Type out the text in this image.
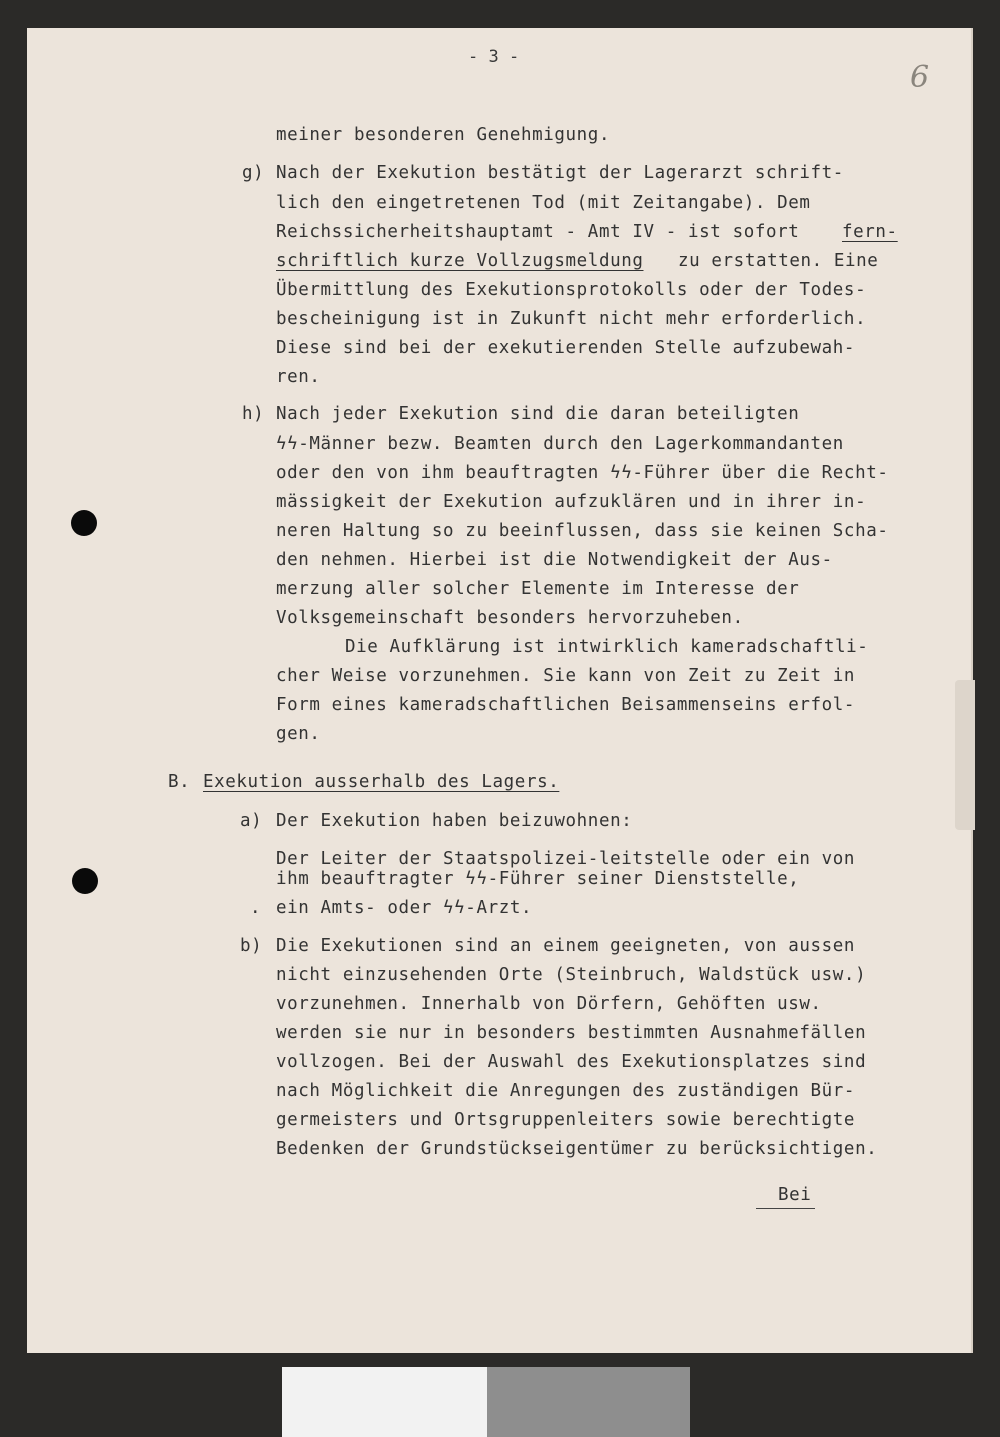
- 3 -
6
meiner besonderen Genehmigung.
g) Nach der Exekution bestätigt der Lagerarzt schrift-
lich den eingetretenen Tod (mit Zeitangabe). Dem
Reichssicherheitshauptamt - Amt IV - ist sofort fern-
schriftlich kurze Vollzugsmeldung zu erstatten. Eine
Übermittlung des Exekutionsprotokolls oder der Todes-
bescheinigung ist in Zukunft nicht mehr erforderlich.
Diese sind bei der exekutierenden Stelle aufzubewah-
ren.
h) Nach jeder Exekution sind die daran beteiligten
ϟϟ-Männer bezw. Beamten durch den Lagerkommandanten
oder den von ihm beauftragten ϟϟ-Führer über die Recht-
mässigkeit der Exekution aufzuklären und in ihrer in-
neren Haltung so zu beeinflussen, dass sie keinen Scha-
den nehmen. Hierbei ist die Notwendigkeit der Aus-
merzung aller solcher Elemente im Interesse der
Volksgemeinschaft besonders hervorzuheben.
Die Aufklärung ist intwirklich kameradschaftli-
cher Weise vorzunehmen. Sie kann von Zeit zu Zeit in
Form eines kameradschaftlichen Beisammenseins erfol-
gen.
B. Exekution ausserhalb des Lagers.
a) Der Exekution haben beizuwohnen:
Der Leiter der Staatspolizei-leitstelle oder ein von
ihm beauftragter ϟϟ-Führer seiner Dienststelle,
. ein Amts- oder ϟϟ-Arzt.
b) Die Exekutionen sind an einem geeigneten, von aussen
nicht einzusehenden Orte (Steinbruch, Waldstück usw.)
vorzunehmen. Innerhalb von Dörfern, Gehöften usw.
werden sie nur in besonders bestimmten Ausnahmefällen
vollzogen. Bei der Auswahl des Exekutionsplatzes sind
nach Möglichkeit die Anregungen des zuständigen Bür-
germeisters und Ortsgruppenleiters sowie berechtigte
Bedenken der Grundstückseigentümer zu berücksichtigen.
Bei
